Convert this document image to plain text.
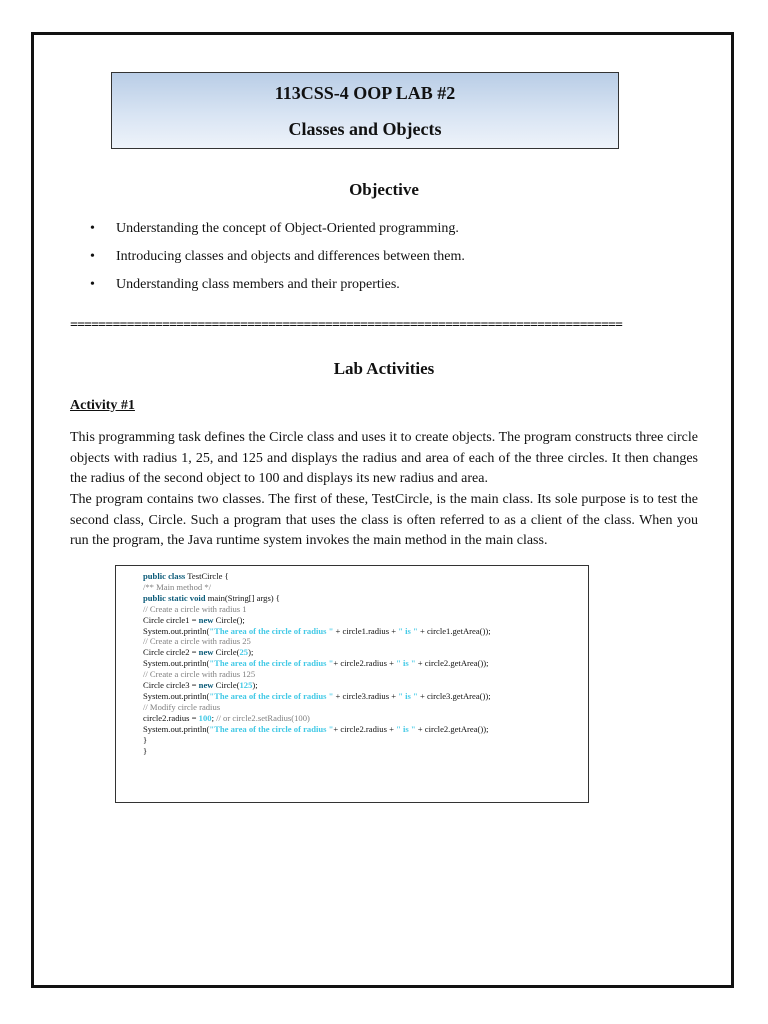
113CSS-4 OOP LAB #2
Classes and Objects
Objective
• Understanding the concept of Object-Oriented programming.
• Introducing classes and objects and differences between them.
• Understanding class members and their properties.
==============================================================================
Lab Activities
Activity #1

This programming task defines the Circle class and uses it to create objects. The program constructs three circle objects with radius 1, 25, and 125 and displays the radius and area of each of the three circles. It then changes the radius of the second object to 100 and displays its new radius and area.

The program contains two classes. The first of these, TestCircle, is the main class. Its sole purpose is to test the second class, Circle. Such a program that uses the class is often referred to as a client of the class. When you run the program, the Java runtime system invokes the main method in the main class.

public class TestCircle {
/** Main method */
public static void main(String[] args) {
// Create a circle with radius 1
Circle circle1 = new Circle();
System.out.println("The area of the circle of radius " + circle1.radius + " is " + circle1.getArea());
// Create a circle with radius 25
Circle circle2 = new Circle(25);
System.out.println("The area of the circle of radius "+ circle2.radius + " is " + circle2.getArea());
// Create a circle with radius 125
Circle circle3 = new Circle(125);
System.out.println("The area of the circle of radius " + circle3.radius + " is " + circle3.getArea());
// Modify circle radius
circle2.radius = 100; // or circle2.setRadius(100)
System.out.println("The area of the circle of radius "+ circle2.radius + " is " + circle2.getArea());
}
}
